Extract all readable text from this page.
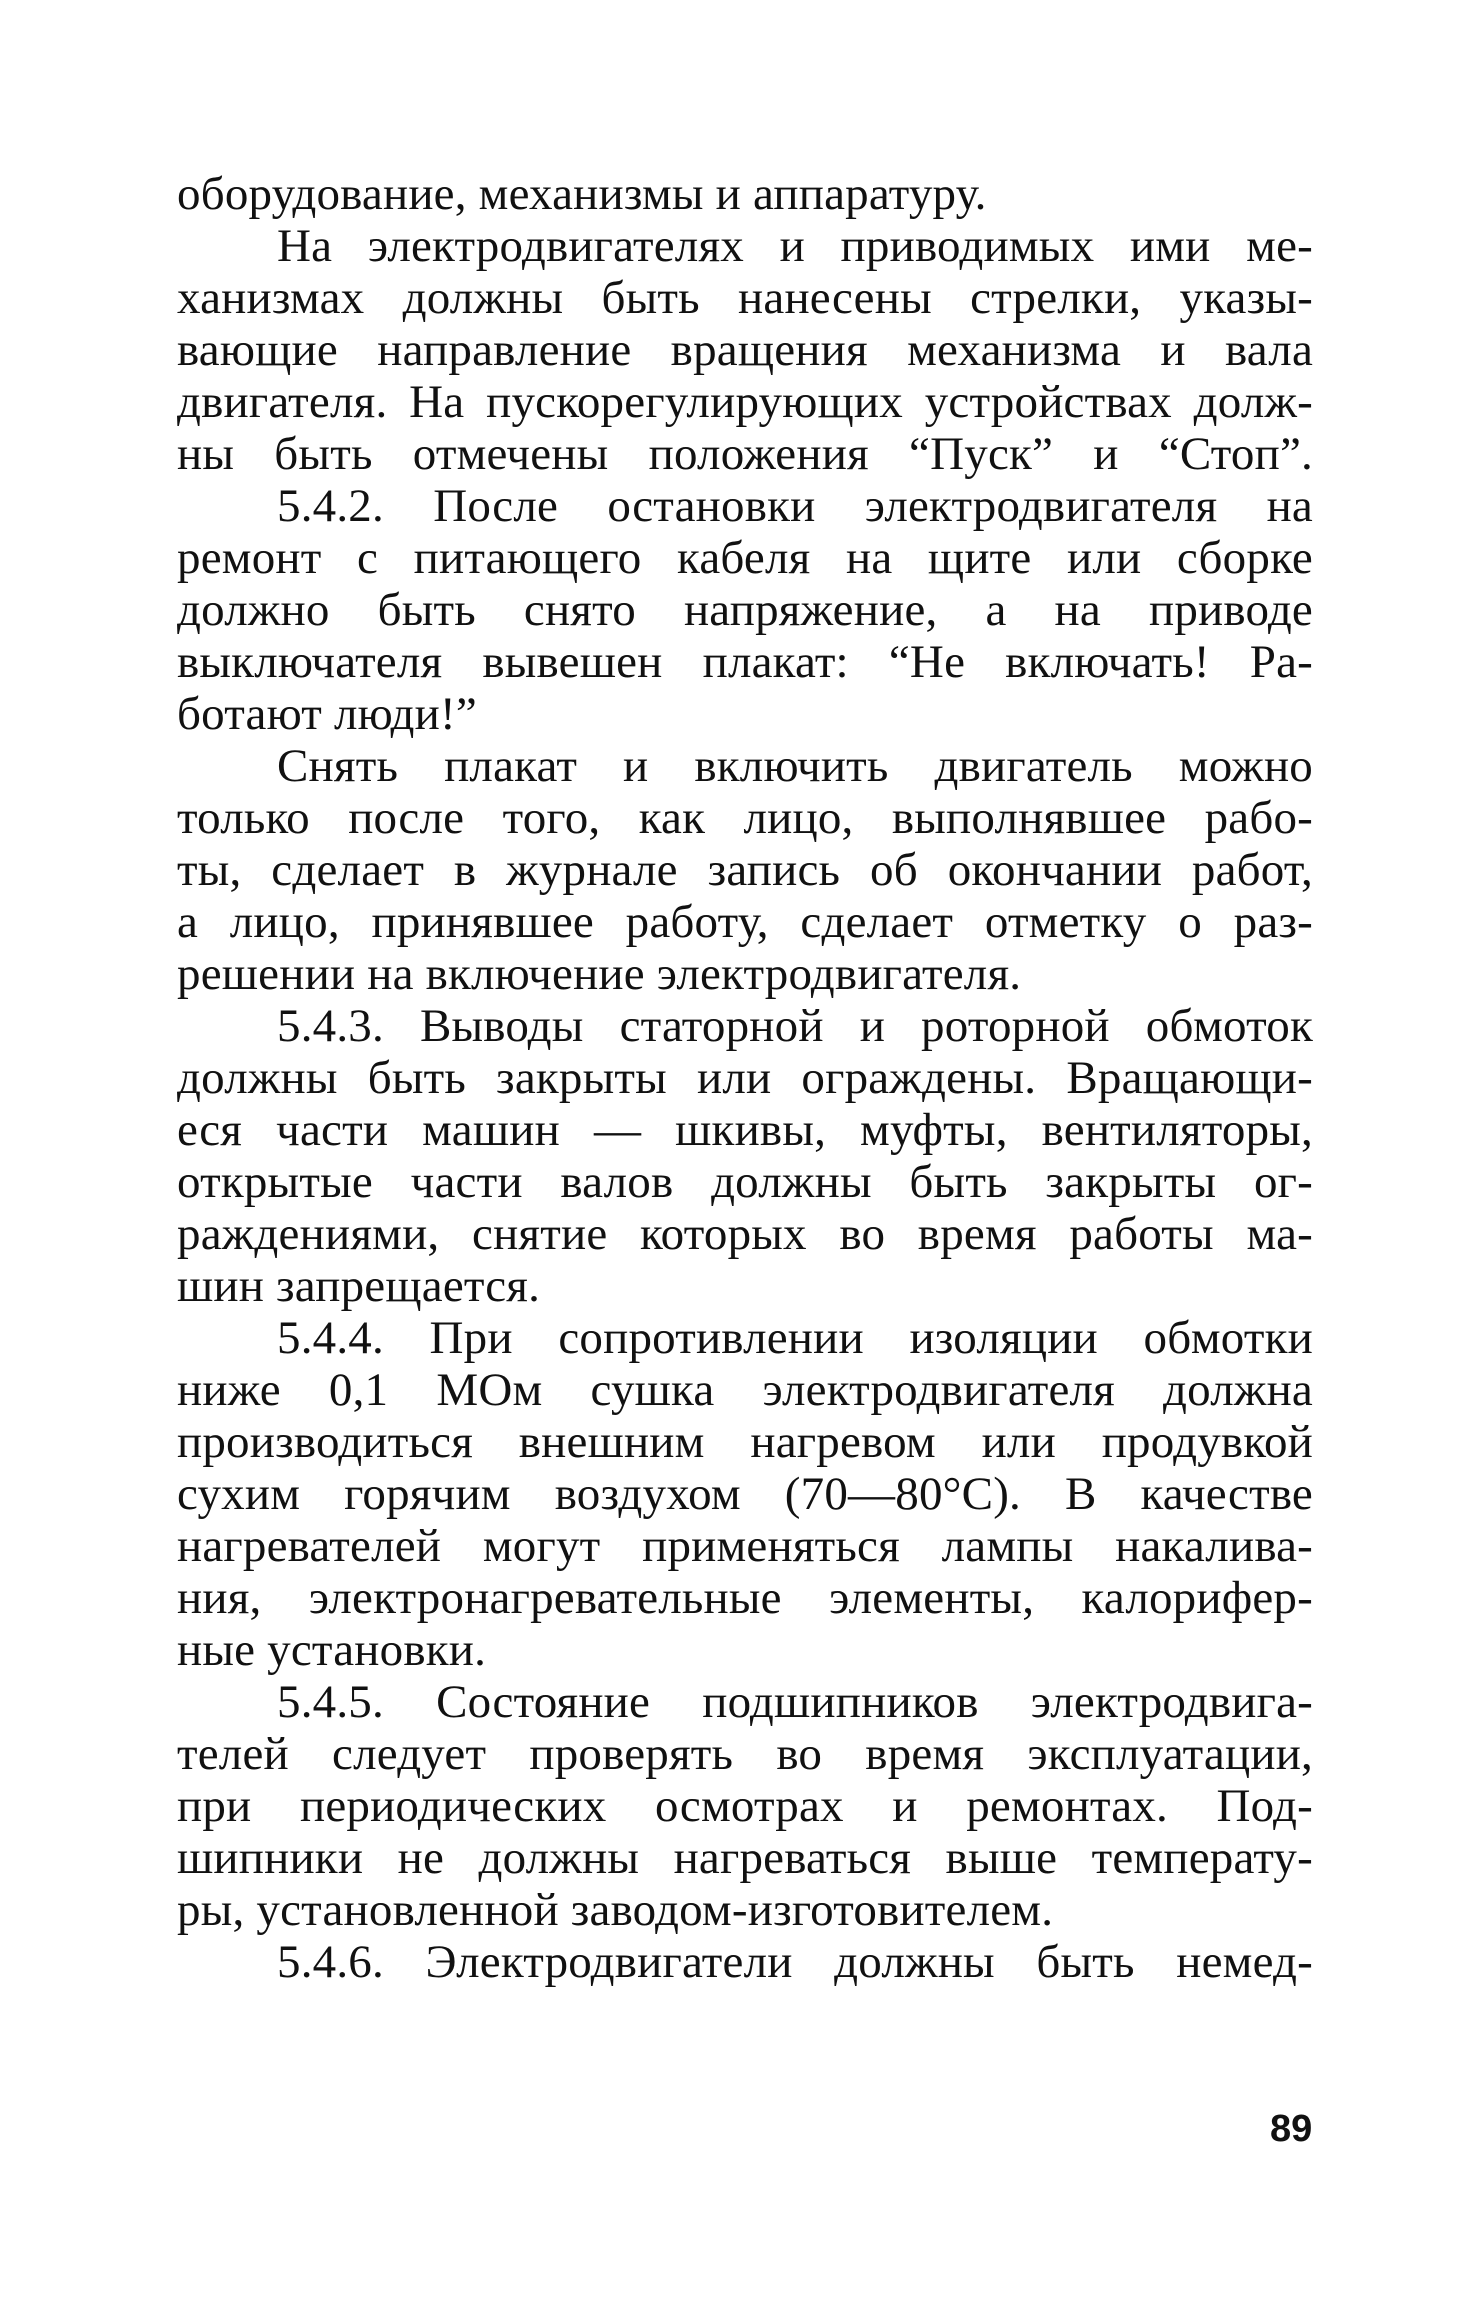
оборудование, механизмы и аппаратуру.
На электродвигателях и приводимых ими ме-
ханизмах должны быть нанесены стрелки, указы-
вающие направление вращения механизма и вала
двигателя. На пускорегулирующих устройствах долж-
ны быть отмечены положения “Пуск” и “Стоп”.
5.4.2. После остановки электродвигателя на
ремонт с питающего кабеля на щите или сборке
должно быть снято напряжение, а на приводе
выключателя вывешен плакат: “Не включать! Ра-
ботают люди!”
Снять плакат и включить двигатель можно
только после того, как лицо, выполнявшее рабо-
ты, сделает в журнале запись об окончании работ,
а лицо, принявшее работу, сделает отметку о раз-
решении на включение электродвигателя.
5.4.3. Выводы статорной и роторной обмоток
должны быть закрыты или ограждены. Вращающи-
еся части машин — шкивы, муфты, вентиляторы,
открытые части валов должны быть закрыты ог-
раждениями, снятие которых во время работы ма-
шин запрещается.
5.4.4. При сопротивлении изоляции обмотки
ниже 0,1 МОм сушка электродвигателя должна
производиться внешним нагревом или продувкой
сухим горячим воздухом (70—80°С). В качестве
нагревателей могут применяться лампы накалива-
ния, электронагревательные элементы, калорифер-
ные установки.
5.4.5. Состояние подшипников электродвига-
телей следует проверять во время эксплуатации,
при периодических осмотрах и ремонтах. Под-
шипники не должны нагреваться выше температу-
ры, установленной заводом-изготовителем.
5.4.6. Электродвигатели должны быть немед-
89
